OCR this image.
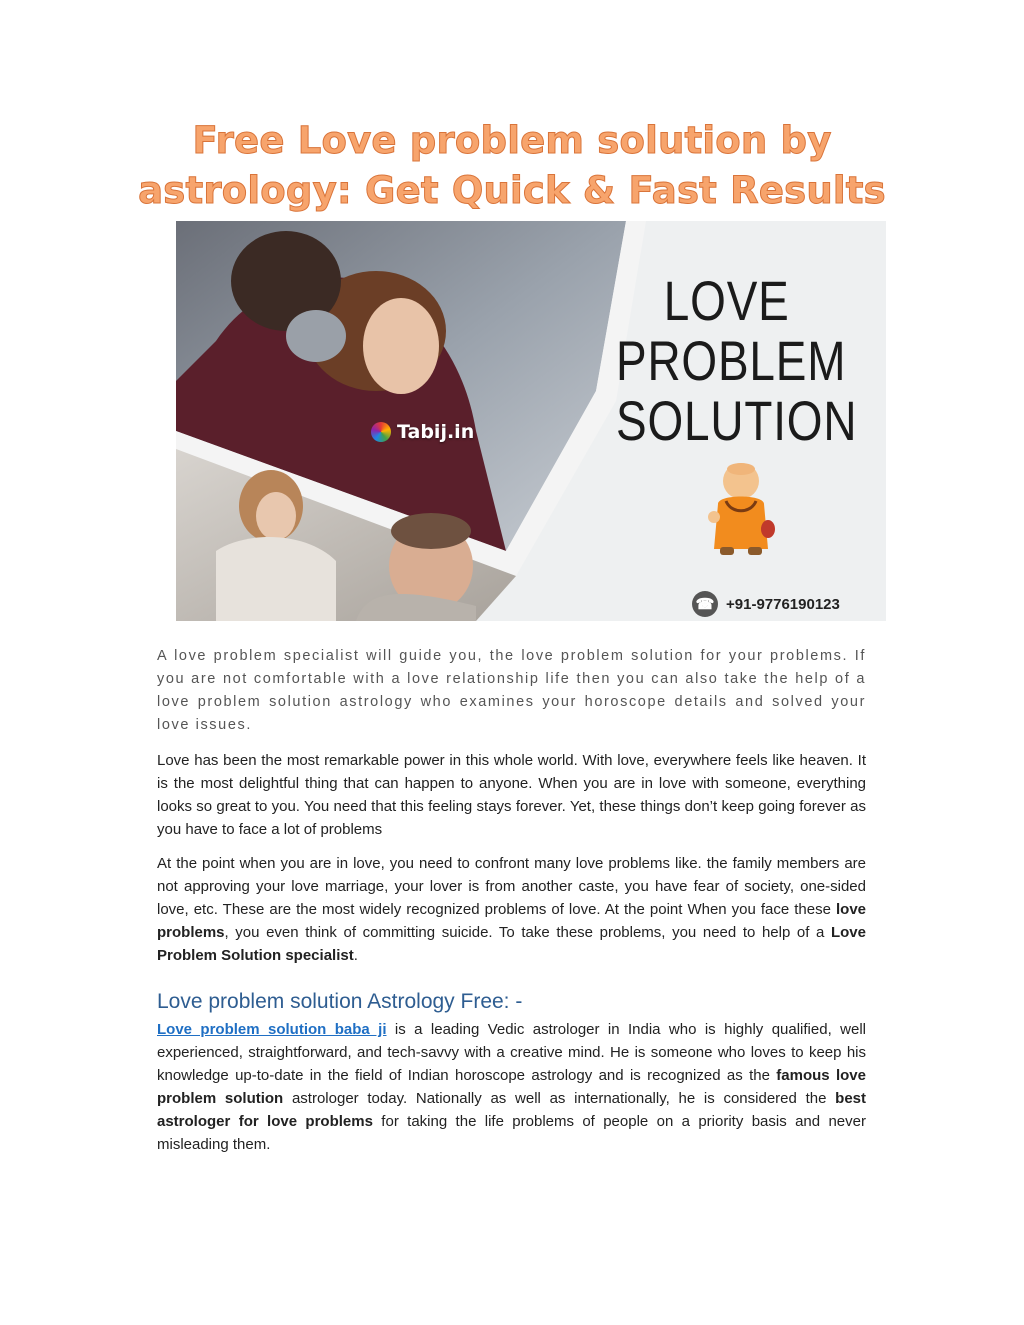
Free Love problem solution by
astrology: Get Quick & Fast Results
Tabij.in
LOVE
PROBLEM
SOLUTION
☎ +91-9776190123

A love problem specialist will guide you, the love problem solution for your problems. If you are not comfortable with a love relationship life then you can also take the help of a love problem solution astrology who examines your horoscope details and solved your love issues.

Love has been the most remarkable power in this whole world. With love, everywhere feels like heaven. It is the most delightful thing that can happen to anyone. When you are in love with someone, everything looks so great to you. You need that this feeling stays forever. Yet, these things don’t keep going forever as you have to face a lot of problems

At the point when you are in love, you need to confront many love problems like. the family members are not approving your love marriage, your lover is from another caste, you have fear of society, one-sided love, etc. These are the most widely recognized problems of love. At the point When you face these love problems, you even think of committing suicide. To take these problems, you need to help of a Love Problem Solution specialist.

Love problem solution Astrology Free: -

Love problem solution baba ji is a leading Vedic astrologer in India who is highly qualified, well experienced, straightforward, and tech-savvy with a creative mind. He is someone who loves to keep his knowledge up-to-date in the field of Indian horoscope astrology and is recognized as the famous love problem solution astrologer today. Nationally as well as internationally, he is considered the best astrologer for love problems for taking the life problems of people on a priority basis and never misleading them.
